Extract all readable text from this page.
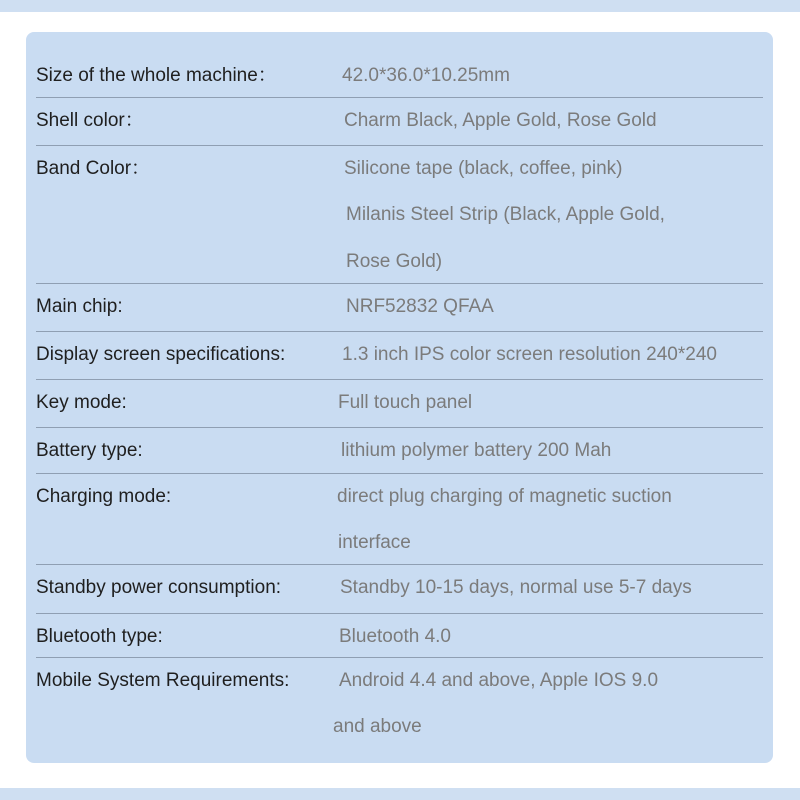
Size of the whole machine：	42.0*36.0*10.25mm
Shell color：	Charm Black, Apple Gold, Rose Gold
Band Color：	Silicone tape (black, coffee, pink)
Milanis Steel Strip (Black, Apple Gold,
Rose Gold)
Main chip:	NRF52832 QFAA
Display screen specifications:	1.3 inch IPS color screen resolution 240*240
Key mode:	Full touch panel
Battery type:	lithium polymer battery 200 Mah
Charging mode:	direct plug charging of magnetic suction
interface
Standby power consumption:	Standby 10-15 days, normal use 5-7 days
Bluetooth type:	Bluetooth 4.0
Mobile System Requirements:	Android 4.4 and above, Apple IOS 9.0
and above
